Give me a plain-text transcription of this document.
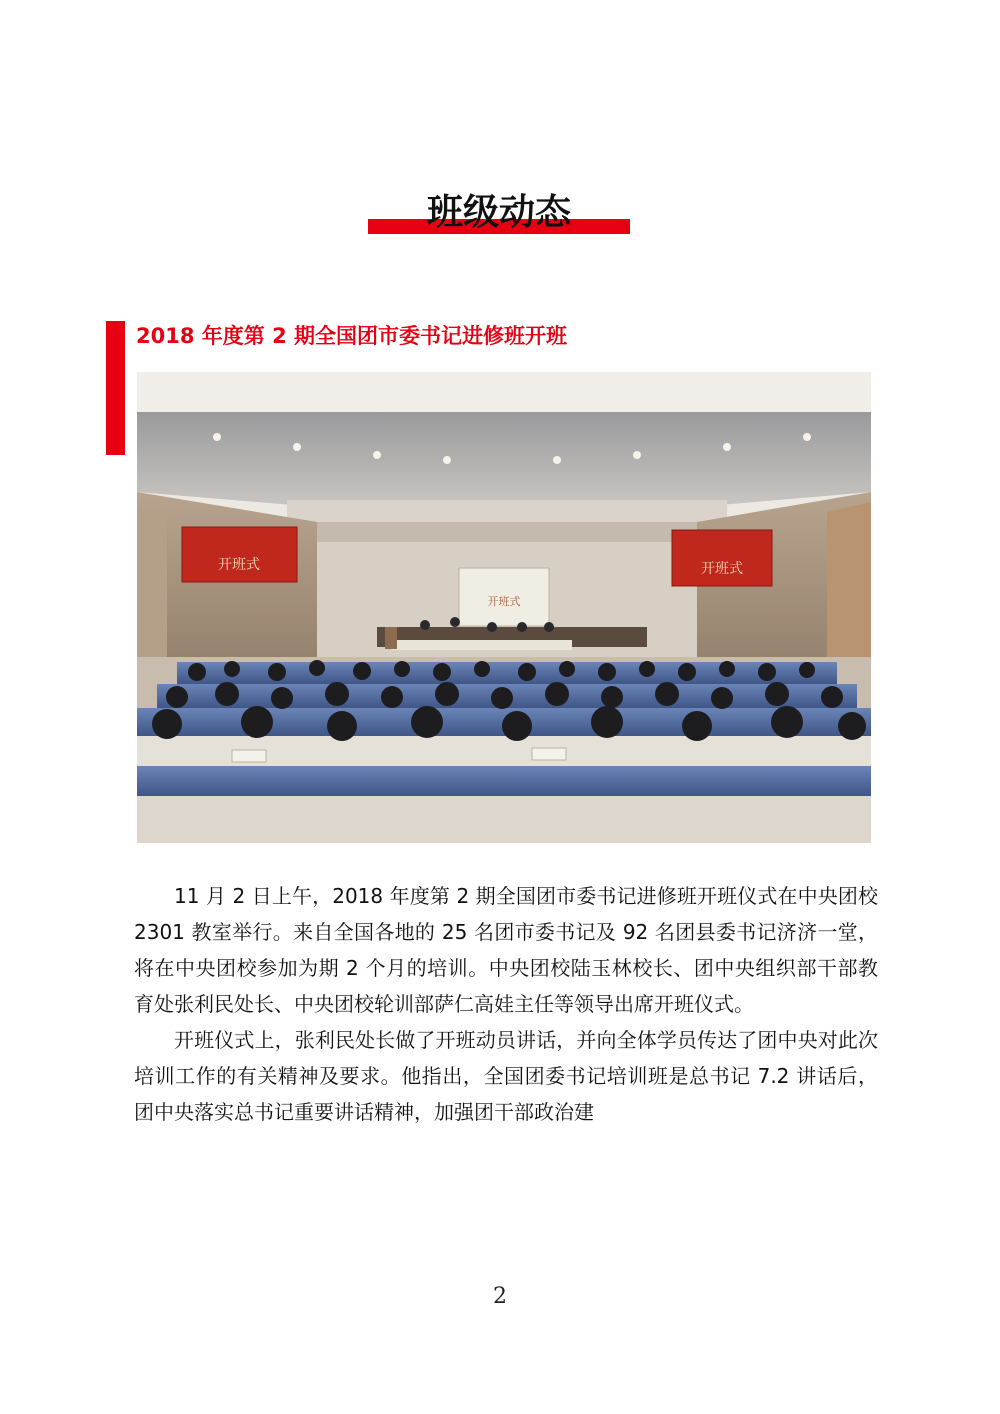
班级动态
2018 年度第 2 期全国团市委书记进修班开班
开班式
开班式	开班式

11 月 2 日上午，2018 年度第 2 期全国团市委书记进修班开班仪式在中央团校 2301 教室举行。来自全国各地的 25 名团市委书记及 92 名团县委书记济济一堂，将在中央团校参加为期 2 个月的培训。中央团校陆玉林校长、团中央组织部干部教育处张利民处长、中央团校轮训部萨仁高娃主任等领导出席开班仪式。

开班仪式上，张利民处长做了开班动员讲话，并向全体学员传达了团中央对此次培训工作的有关精神及要求。他指出，全国团委书记培训班是总书记 7.2 讲话后，团中央落实总书记重要讲话精神，加强团干部政治建

2
